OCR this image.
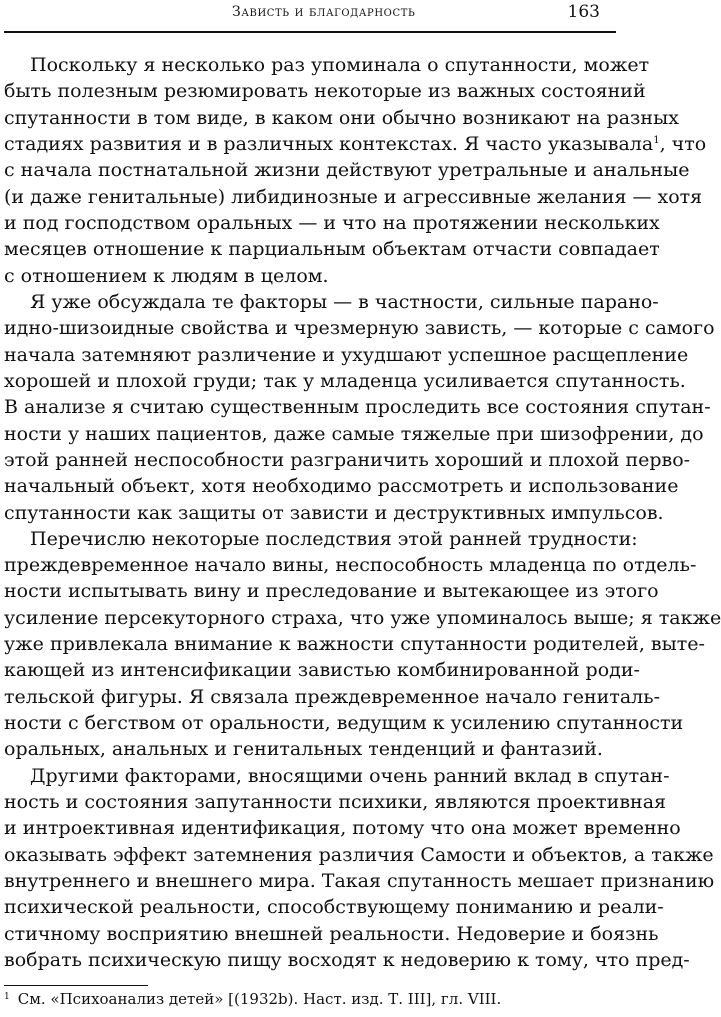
Зависть и благодарность	163
Поскольку я несколько раз упоминала о спутанности, может
быть полезным резюмировать некоторые из важных состояний
спутанности в том виде, в каком они обычно возникают на разных
стадиях развития и в различных контекстах. Я часто указывала$^1$, что
с начала постнатальной жизни действуют уретральные и анальные
(и даже генитальные) либидинозные и агрессивные желания — хотя
и под господством оральных — и что на протяжении нескольких
месяцев отношение к парциальным объектам отчасти совпадает
с отношением к людям в целом.
Я уже обсуждала те факторы — в частности, сильные парано-
идно-шизоидные свойства и чрезмерную зависть, — которые с самого
начала затемняют различение и ухудшают успешное расщепление
хорошей и плохой груди; так у младенца усиливается спутанность.
В анализе я считаю существенным проследить все состояния спутан-
ности у наших пациентов, даже самые тяжелые при шизофрении, до
этой ранней неспособности разграничить хороший и плохой перво-
начальный объект, хотя необходимо рассмотреть и использование
спутанности как защиты от зависти и деструктивных импульсов.
Перечислю некоторые последствия этой ранней трудности:
преждевременное начало вины, неспособность младенца по отдель-
ности испытывать вину и преследование и вытекающее из этого
усиление персекуторного страха, что уже упоминалось выше; я также
уже привлекала внимание к важности спутанности родителей, выте-
кающей из интенсификации завистью комбинированной роди-
тельской фигуры. Я связала преждевременное начало гениталь-
ности с бегством от оральности, ведущим к усилению спутанности
оральных, анальных и генитальных тенденций и фантазий.
Другими факторами, вносящими очень ранний вклад в спутан-
ность и состояния запутанности психики, являются проективная
и интроективная идентификация, потому что она может временно
оказывать эффект затемнения различия Самости и объектов, а также
внутреннего и внешнего мира. Такая спутанность мешает признанию
психической реальности, способствующему пониманию и реали-
стичному восприятию внешней реальности. Недоверие и боязнь
вобрать психическую пищу восходят к недоверию к тому, что пред-
$^1$ См. «Психоанализ детей» [(1932b). Наст. изд. Т. III], гл. VIII.
